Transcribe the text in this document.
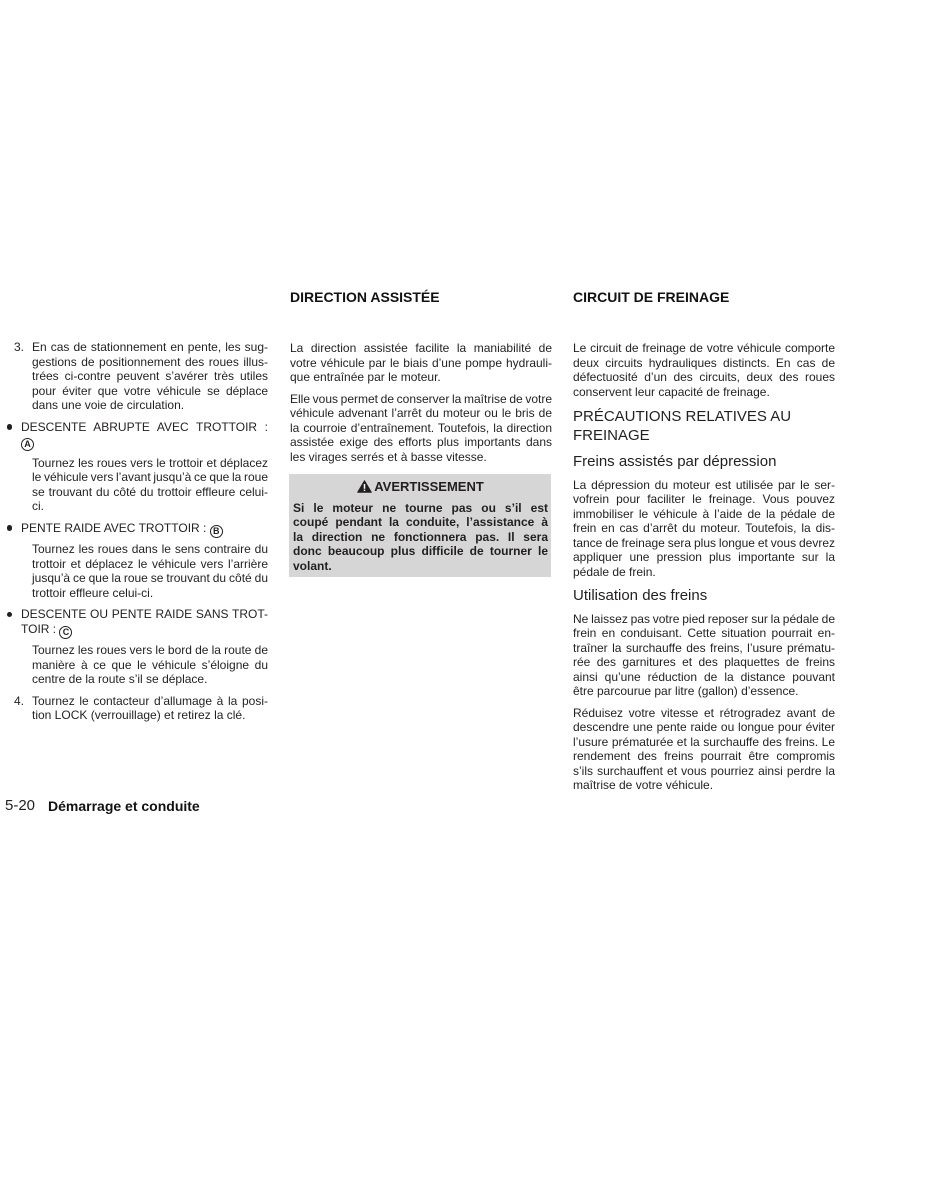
3. En cas de stationnement en pente, les sug-
gestions de positionnement des roues illus-
trées ci-contre peuvent s’avérer très utiles
pour éviter que votre véhicule se déplace
dans une voie de circulation.
DESCENTE ABRUPTE AVEC TROTTOIR :
A
Tournez les roues vers le trottoir et déplacez
le véhicule vers l’avant jusqu’à ce que la roue
se trouvant du côté du trottoir effleure celui-
ci.
PENTE RAIDE AVEC TROTTOIR : B
Tournez les roues dans le sens contraire du
trottoir et déplacez le véhicule vers l’arrière
jusqu’à ce que la roue se trouvant du côté du
trottoir effleure celui-ci.
DESCENTE OU PENTE RAIDE SANS TROT-
TOIR : C
Tournez les roues vers le bord de la route de
manière à ce que le véhicule s’éloigne du
centre de la route s’il se déplace.
4. Tournez le contacteur d’allumage à la posi-
tion LOCK (verrouillage) et retirez la clé.
DIRECTION ASSISTÉE
La direction assistée facilite la maniabilité de
votre véhicule par le biais d’une pompe hydrauli-
que entraînée par le moteur.
Elle vous permet de conserver la maîtrise de votre
véhicule advenant l’arrêt du moteur ou le bris de
la courroie d’entraînement. Toutefois, la direction
assistée exige des efforts plus importants dans
les virages serrés et à basse vitesse.
AVERTISSEMENT
Si le moteur ne tourne pas ou s’il est
coupé pendant la conduite, l’assistance à
la direction ne fonctionnera pas. Il sera
donc beaucoup plus difficile de tourner le
volant.
CIRCUIT DE FREINAGE
Le circuit de freinage de votre véhicule comporte
deux circuits hydrauliques distincts. En cas de
défectuosité d’un des circuits, deux des roues
conservent leur capacité de freinage.
PRÉCAUTIONS RELATIVES AU
FREINAGE
Freins assistés par dépression
La dépression du moteur est utilisée par le ser-
vofrein pour faciliter le freinage. Vous pouvez
immobiliser le véhicule à l’aide de la pédale de
frein en cas d’arrêt du moteur. Toutefois, la dis-
tance de freinage sera plus longue et vous devrez
appliquer une pression plus importante sur la
pédale de frein.
Utilisation des freins
Ne laissez pas votre pied reposer sur la pédale de
frein en conduisant. Cette situation pourrait en-
traîner la surchauffe des freins, l’usure prématu-
rée des garnitures et des plaquettes de freins
ainsi qu’une réduction de la distance pouvant
être parcourue par litre (gallon) d’essence.
Réduisez votre vitesse et rétrogradez avant de
descendre une pente raide ou longue pour éviter
l’usure prématurée et la surchauffe des freins. Le
rendement des freins pourrait être compromis
s’ils surchauffent et vous pourriez ainsi perdre la
maîtrise de votre véhicule.
5-20 Démarrage et conduite
